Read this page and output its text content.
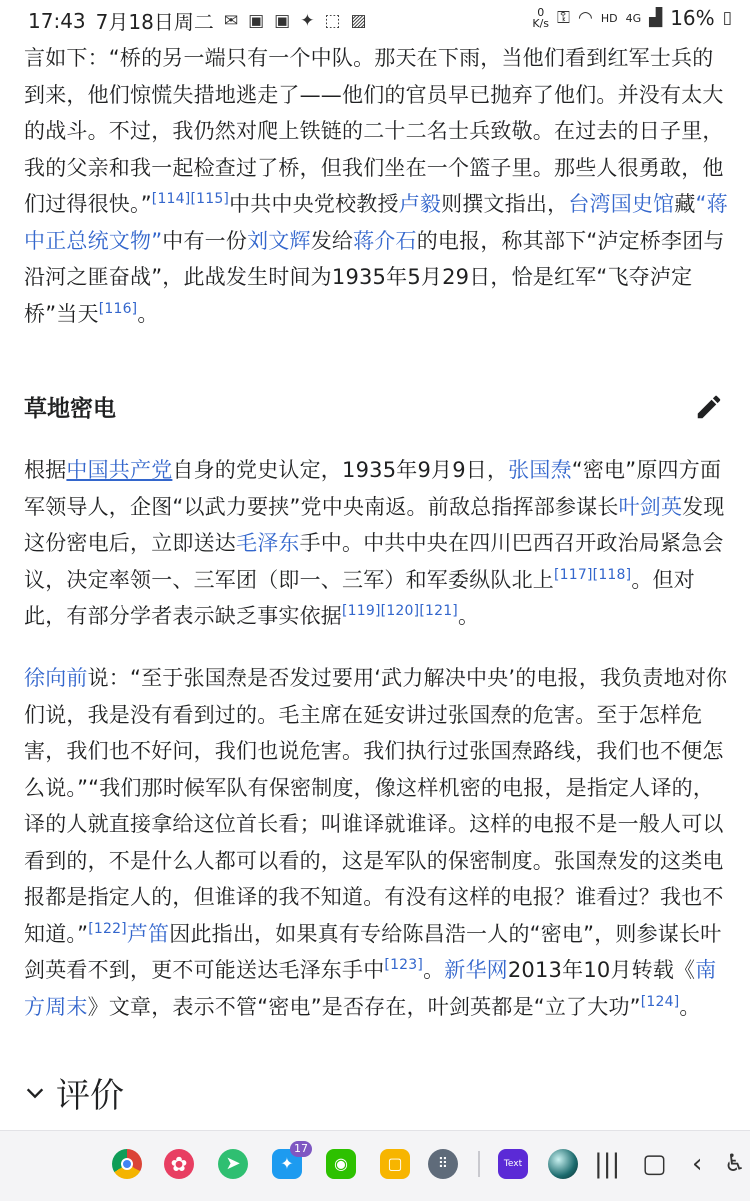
17:43 7月18日周二 ✉ ▣ ▣ ✦ ⬚ ▨	0
K/s ⚿ ◠ HD 4G ▟ 16% ▯

言如下：“桥的另一端只有一个中队。那天在下雨，当他们看到红军士兵的到来，他们惊慌失措地逃走了——他们的官员早已抛弃了他们。并没有太大的战斗。不过，我仍然对爬上铁链的二十二名士兵致敬。在过去的日子里，我的父亲和我一起检查过了桥，但我们坐在一个篮子里。那些人很勇敢，他们过得很快。”[114][115]中共中央党校教授卢毅则撰文指出，台湾国史馆藏“蒋中正总统文物”中有一份刘文辉发给蒋介石的电报，称其部下“泸定桥李团与沿河之匪奋战”，此战发生时间为1935年5月29日，恰是红军“飞夺泸定桥”当天[116]。

草地密电

根据中国共产党自身的党史认定，1935年9月9日，张国焘“密电”原四方面军领导人，企图“以武力要挟”党中央南返。前敌总指挥部参谋长叶剑英发现这份密电后，立即送达毛泽东手中。中共中央在四川巴西召开政治局紧急会议，决定率领一、三军团（即一、三军）和军委纵队北上[117][118]。但对此，有部分学者表示缺乏事实依据[119][120][121]。

徐向前说：“至于张国焘是否发过要用‘武力解决中央’的电报，我负责地对你们说，我是没有看到过的。毛主席在延安讲过张国焘的危害。至于怎样危害，我们也不好问，我们也说危害。我们执行过张国焘路线，我们也不便怎么说。”“我们那时候军队有保密制度，像这样机密的电报，是指定人译的，译的人就直接拿给这位首长看；叫谁译就谁译。这样的电报不是一般人可以看到的，不是什么人都可以看的，这是军队的保密制度。张国焘发的这类电报都是指定人的，但谁译的我不知道。有没有这样的电报？谁看过？我也不知道。”[122]芦笛因此指出，如果真有专给陈昌浩一人的“密电”，则参谋长叶剑英看不到，更不可能送达毛泽东手中[123]。新华网2013年10月转载《南方周末》文章，表示不管“密电”是否存在，叶剑英都是“立了大功”[124]。

评价
✿	➤	✦
17
◉	▢	⠿	Text	||| ▢ ‹ ♿
